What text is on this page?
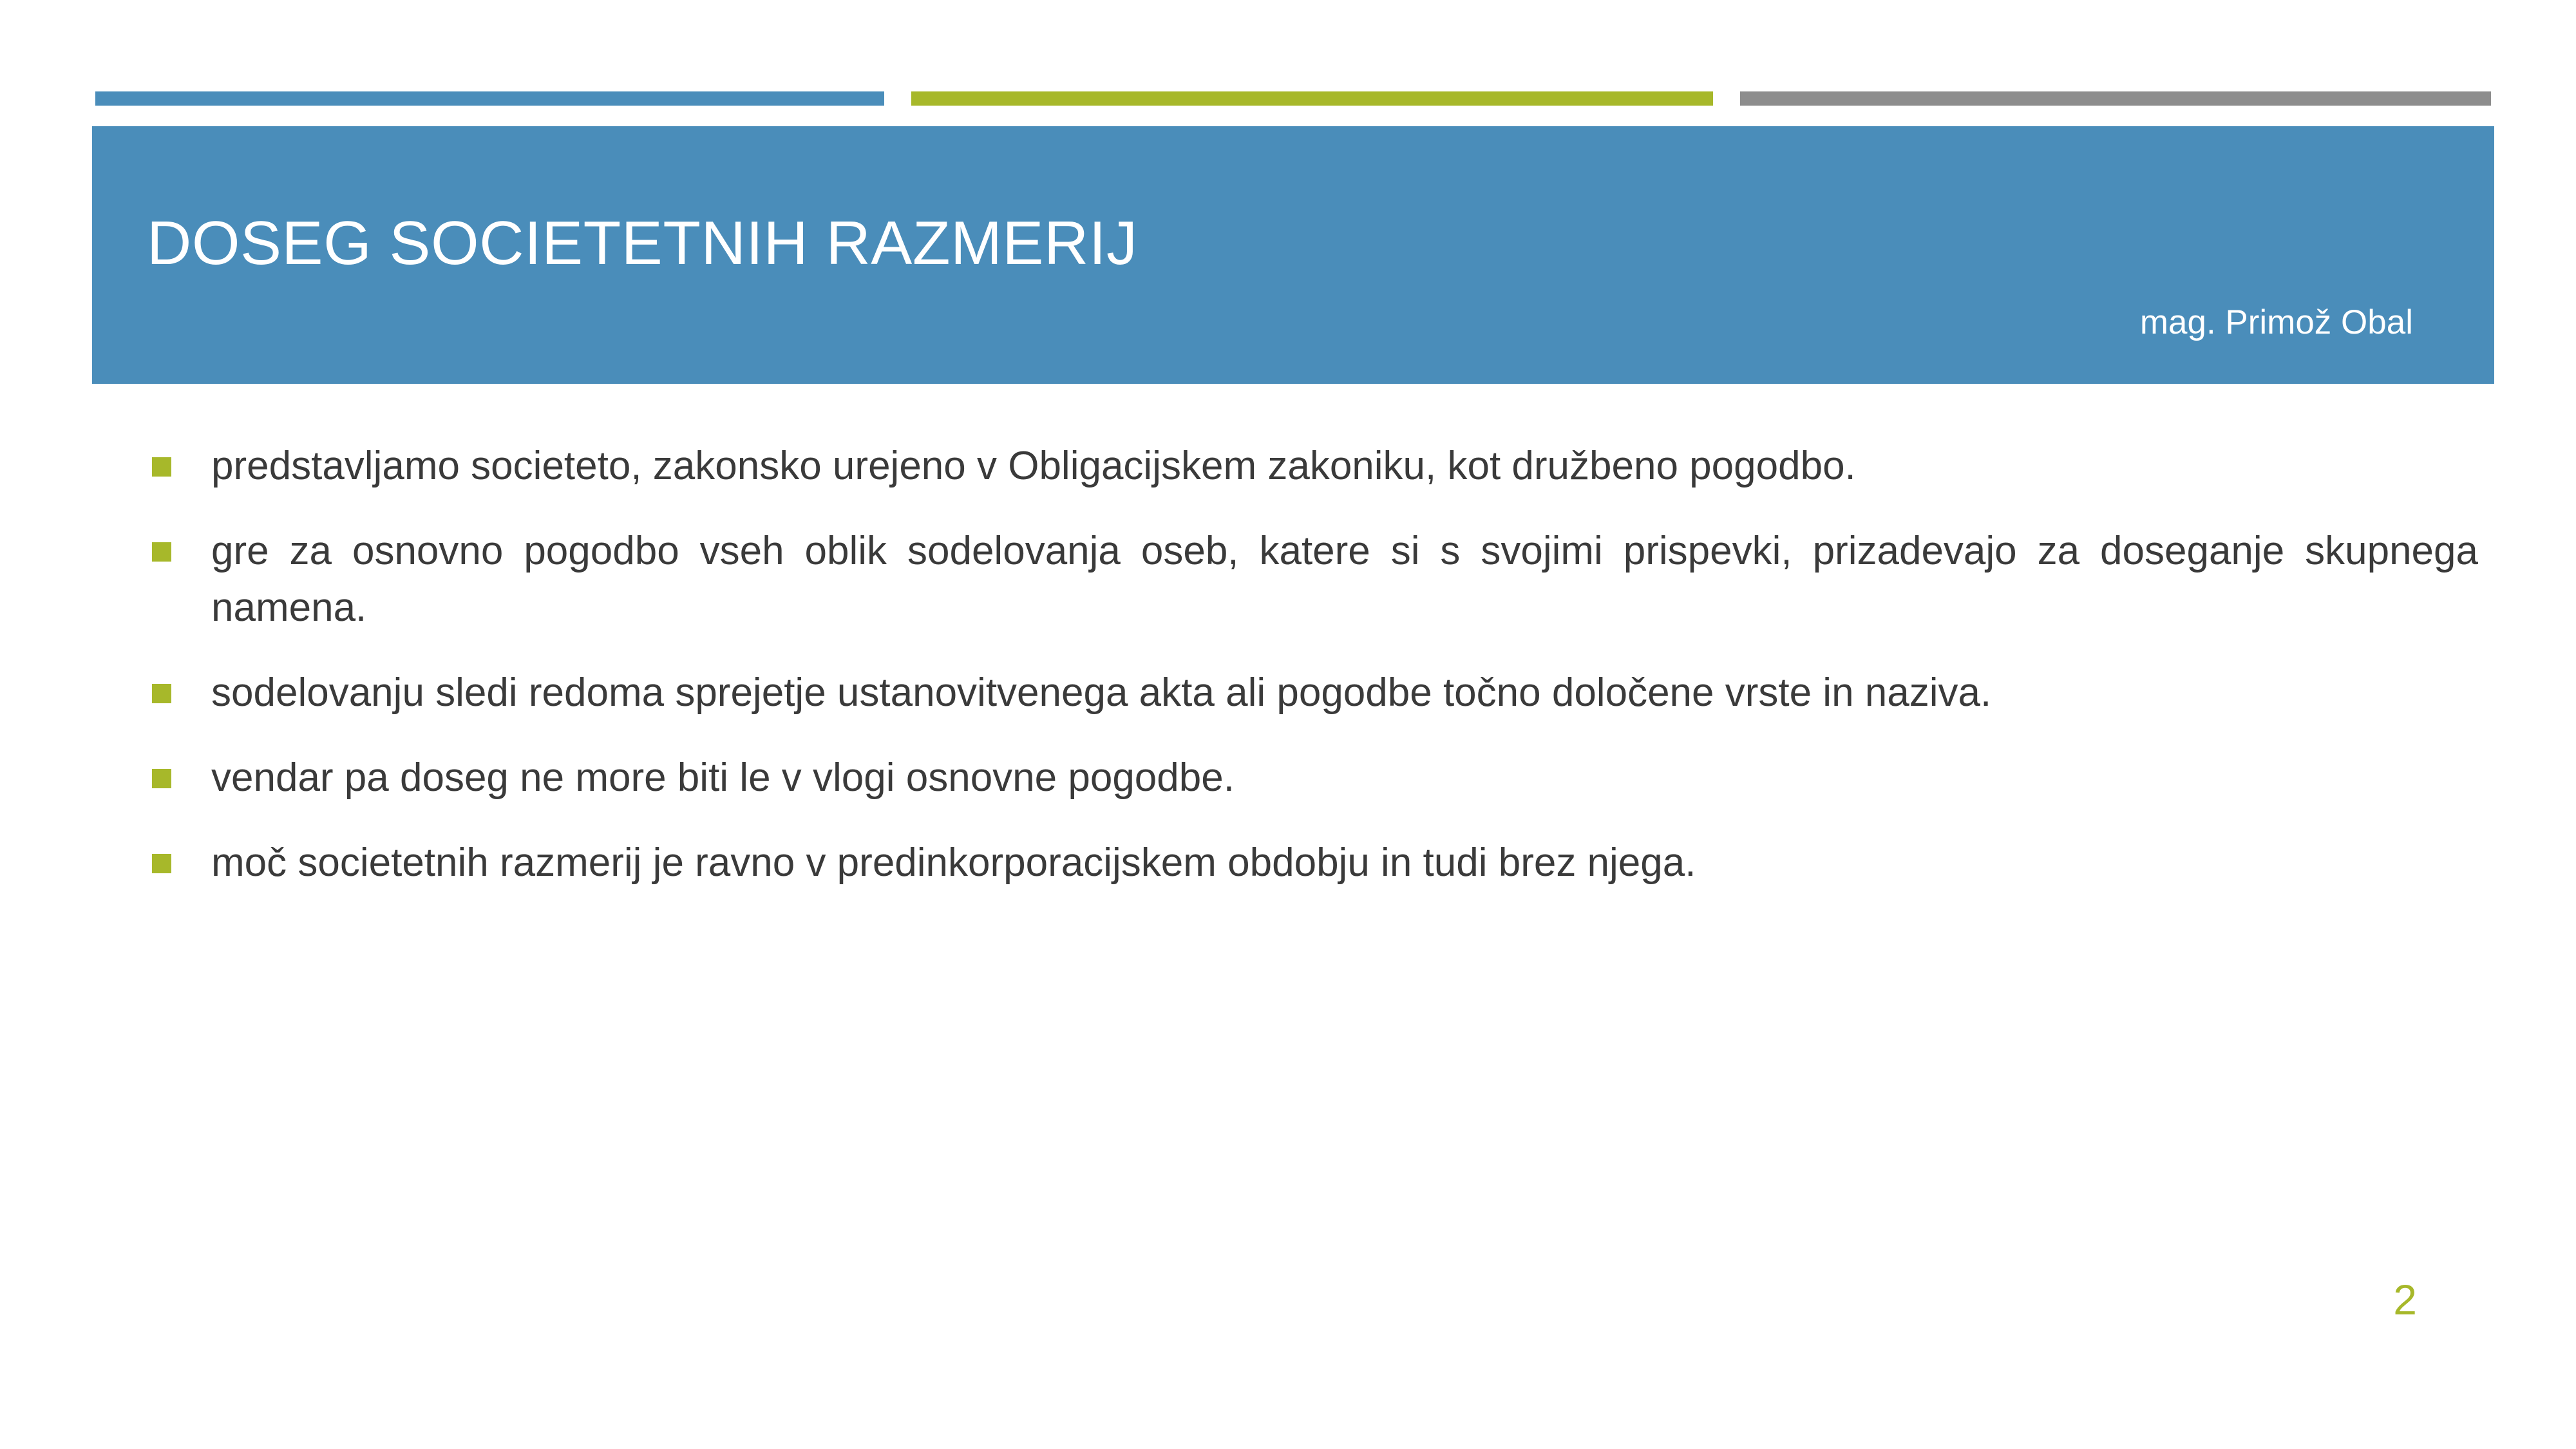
DOSEG SOCIETETNIH RAZMERIJ
mag. Primož Obal
predstavljamo societeto, zakonsko urejeno v Obligacijskem zakoniku, kot družbeno pogodbo.
gre za osnovno pogodbo vseh oblik sodelovanja oseb, katere si s svojimi prispevki, prizadevajo za doseganje skupnega namena.
sodelovanju sledi redoma sprejetje ustanovitvenega akta ali pogodbe točno določene vrste in naziva.
vendar pa doseg ne more biti le v vlogi osnovne pogodbe.
moč societetnih razmerij je ravno v predinkorporacijskem obdobju in tudi brez njega.
2
